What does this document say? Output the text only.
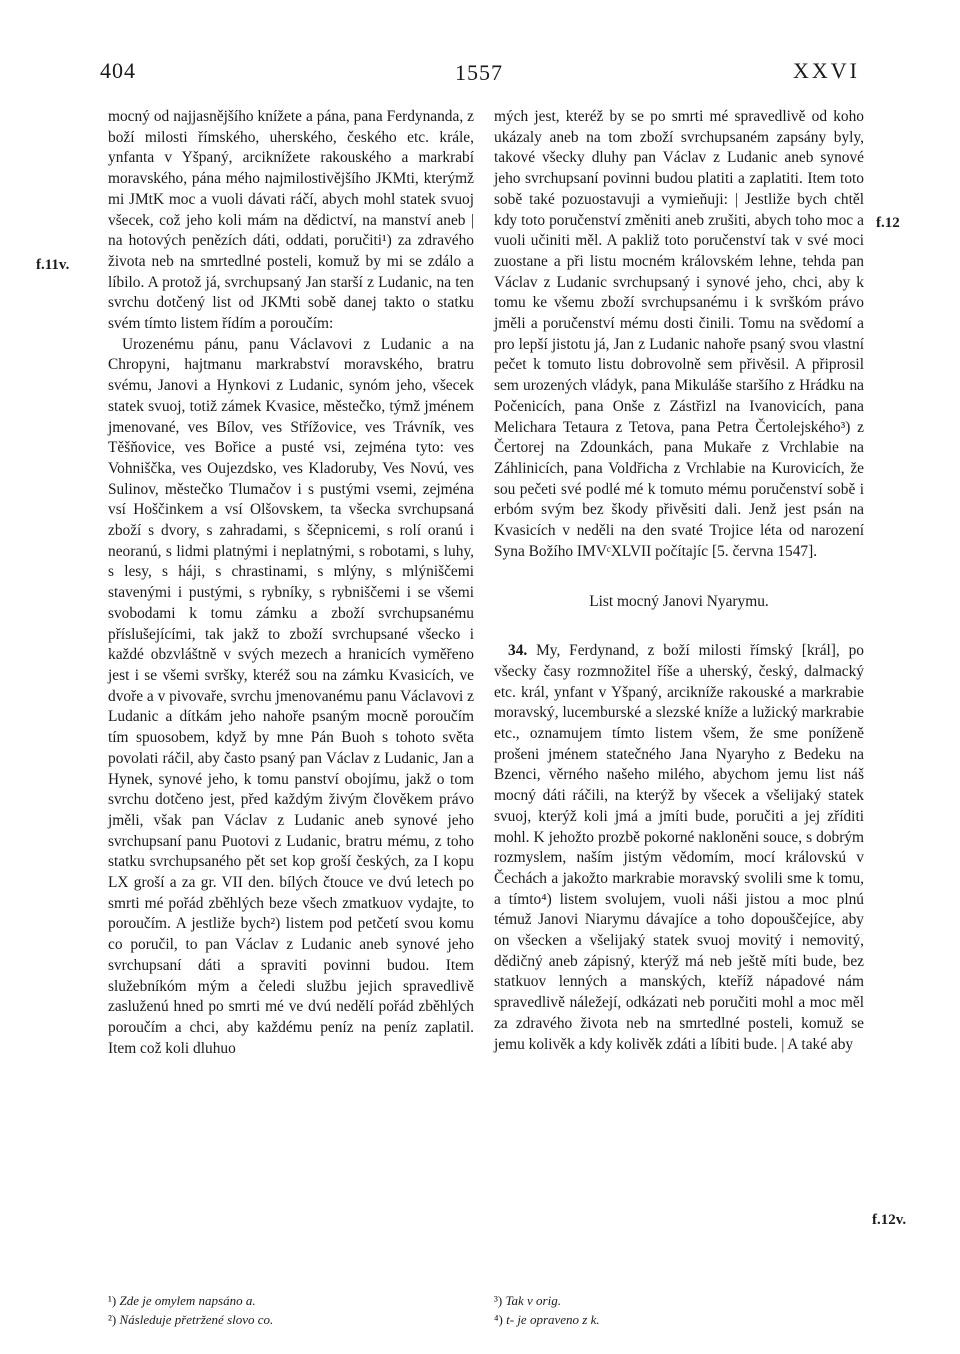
404	1557	XXVI
f.11v.
f.12
f.12v.

mocný od najjasnějšího knížete a pána, pana Ferdynanda, z boží milosti římského, uherského, českého etc. krále, ynfanta v Yšpaný, arciknížete rakouského a markrabí moravského, pána mého najmilostivějšího JKMti, kterýmž mi JMtK moc a vuoli dávati ráčí, abych mohl statek svuoj všecek, což jeho koli mám na dědictví, na manství aneb | na hotových penězích dáti, oddati, poručiti¹) za zdravého života neb na smrtedlné posteli, komuž by mi se zdálo a líbilo. A protož já, svrchupsaný Jan starší z Ludanic, na ten svrchu dotčený list od JKMti sobě danej takto o statku svém tímto listem řídím a poroučím:

Urozenému pánu, panu Václavovi z Ludanic a na Chropyni, hajtmanu markrabství moravského, bratru svému, Janovi a Hynkovi z Ludanic, synóm jeho, všecek statek svuoj, totiž zámek Kvasice, městečko, týmž jménem jmenované, ves Bílov, ves Střížovice, ves Trávník, ves Těšňovice, ves Bořice a pusté vsi, zejména tyto: ves Vohniščka, ves Oujezdsko, ves Kladoruby, Ves Novú, ves Sulinov, městečko Tlumačov i s pustými vsemi, zejména vsí Hoščinkem a vsí Olšovskem, ta všecka svrchupsaná zboží s dvory, s zahradami, s ščepnicemi, s rolí oranú i neoranú, s lidmi platnými i neplatnými, s robotami, s luhy, s lesy, s háji, s chrastinami, s mlýny, s mlýniščemi stavenými i pustými, s rybníky, s rybniščemi i se všemi svobodami k tomu zámku a zboží svrchupsanému příslušejícími, tak jakž to zboží svrchupsané všecko i každé obzvláštně v svých mezech a hranicích vyměřeno jest i se všemi svršky, kteréž sou na zámku Kvasicích, ve dvoře a v pivovaře, svrchu jmenovanému panu Václavovi z Ludanic a dítkám jeho nahoře psaným mocně poroučím tím spuosobem, když by mne Pán Buoh s tohoto světa povolati ráčil, aby často psaný pan Václav z Ludanic, Jan a Hynek, synové jeho, k tomu panství obojímu, jakž o tom svrchu dotčeno jest, před každým živým člověkem právo jměli, však pan Václav z Ludanic aneb synové jeho svrchupsaní panu Puotovi z Ludanic, bratru mému, z toho statku svrchupsaného pět set kop groší českých, za I kopu LX groší a za gr. VII den. bílých čtouce ve dvú letech po smrti mé pořád zběhlých beze všech zmatkuov vydajte, to poroučím. A jestliže bych²) listem pod petčetí svou komu co poručil, to pan Václav z Ludanic aneb synové jeho svrchupsaní dáti a spraviti povinni budou. Item služebníkóm mým a čeledi službu jejich spravedlivě zasluženú hned po smrti mé ve dvú nedělí pořád zběhlých poroučím a chci, aby každému peníz na peníz zaplatil. Item což koli dluhuo

mých jest, kteréž by se po smrti mé spravedlivě od koho ukázaly aneb na tom zboží svrchupsaném zapsány byly, takové všecky dluhy pan Václav z Ludanic aneb synové jeho svrchupsaní povinni budou platiti a zaplatiti. Item toto sobě také pozuostavuji a vymieňuji: | Jestliže bych chtěl kdy toto poručenství změniti aneb zrušiti, abych toho moc a vuoli učiniti měl. A pakliž toto poručenství tak v své moci zuostane a při listu mocném královském lehne, tehda pan Václav z Ludanic svrchupsaný i synové jeho, chci, aby k tomu ke všemu zboží svrchupsanému i k svrškóm právo jměli a poručenství mému dosti činili. Tomu na svědomí a pro lepší jistotu já, Jan z Ludanic nahoře psaný svou vlastní pečet k tomuto listu dobrovolně sem přivěsil. A připrosil sem urozených vládyk, pana Mikuláše staršího z Hrádku na Počenicích, pana Onše z Zástřizl na Ivanovicích, pana Melichara Tetaura z Tetova, pana Petra Čertolejského³) z Čertorej na Zdounkách, pana Mukaře z Vrchlabie na Záhlinicích, pana Voldřicha z Vrchlabie na Kurovicích, že sou pečeti své podlé mé k tomuto mému poručenství sobě i erbóm svým bez škody přivěsiti dali. Jenž jest psán na Kvasicích v neděli na den svaté Trojice léta od narození Syna Božího IMVᶜXLVII počítajíc [5. června 1547].

List mocný Janovi Nyarymu.

34. My, Ferdynand, z boží milosti římský [král], po všecky časy rozmnožitel říše a uherský, český, dalmacký etc. král, ynfant v Yšpaný, arciknížе rakouské a markrabie moravský, lucemburské a slezské kníže a lužický markrabie etc., oznamujem tímto listem všem, že sme poníženě prošeni jménem statečného Jana Nyaryho z Bedeku na Bzenci, věrného našeho milého, abychom jemu list náš mocný dáti ráčili, na kterýž by všecek a všelijaký statek svuoj, kterýž koli jmá a jmíti bude, poručiti a jej zříditi mohl. K jehožto prozbě pokorné nakloněni souce, s dobrým rozmyslem, naším jistým vědomím, mocí královskú v Čechách a jakožto markrabie moravský svolili sme k tomu, a tímto⁴) listem svolujem, vuoli náši jistou a moc plnú témuž Janovi Niarymu dávajíce a toho dopouščejíce, aby on všecken a všelijaký statek svuoj movitý i nemovitý, dědičný aneb zápisný, kterýž má neb ještě míti bude, bez statkuov lenných a manských, kteříž nápadové nám spravedlivě náležejí, odkázati neb poručiti mohl a moc měl za zdravého života neb na smrtedlné posteli, komuž se jemu kolivěk a kdy kolivěk zdáti a líbiti bude. | A také aby

¹) Zde je omylem napsáno a.
²) Následuje přetržené slovo co.
³) Tak v orig.
⁴) t- je opraveno z k.
